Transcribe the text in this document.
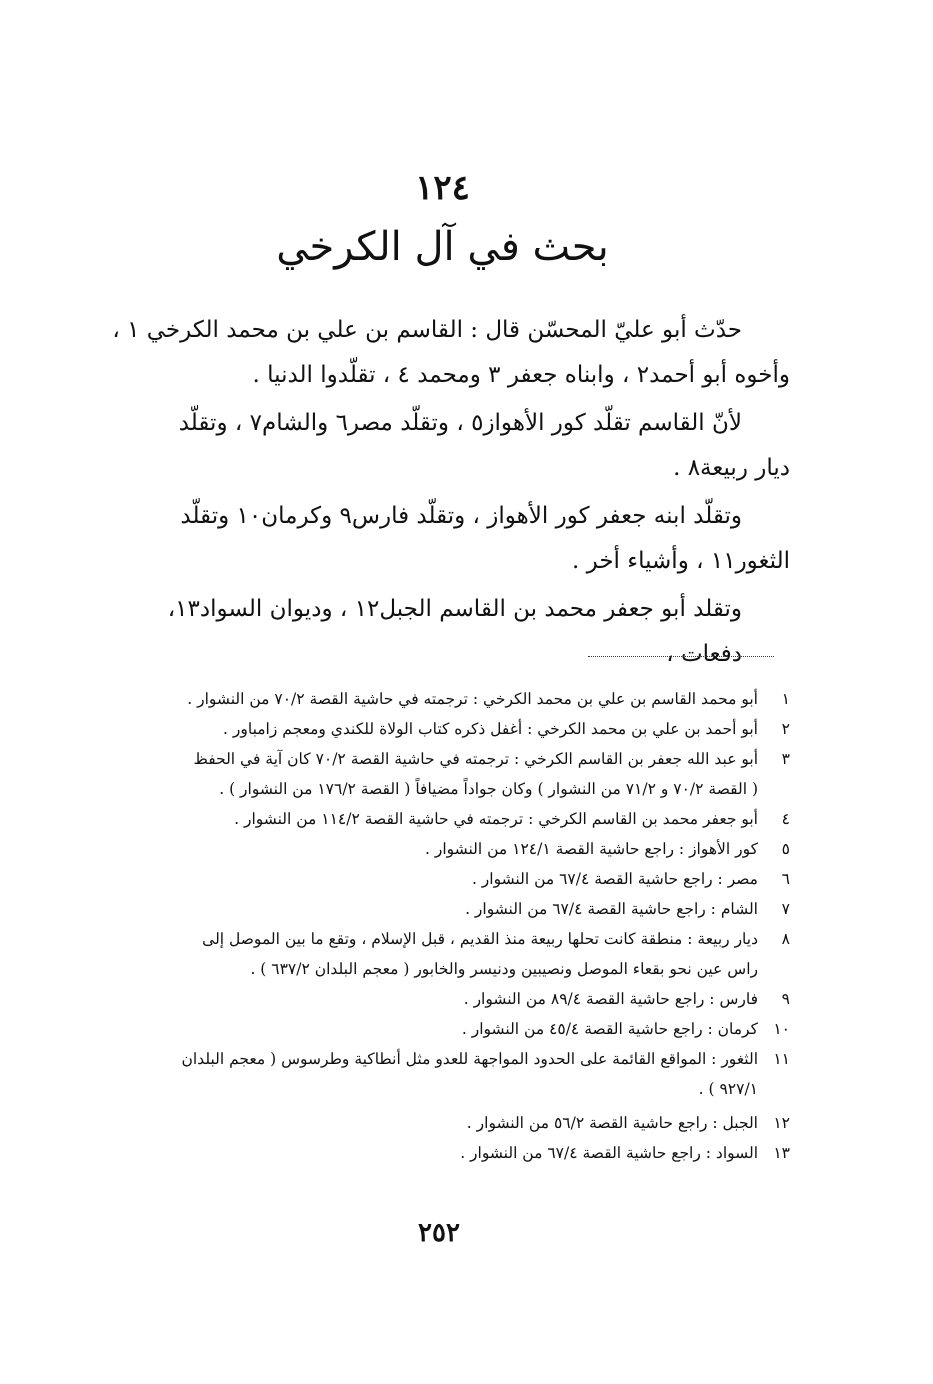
١٢٤
بحث في آل الكرخي

حدّث أبو عليّ المحسّن قال : القاسم بن علي بن محمد الكرخي ١ ،
وأخوه أبو أحمد٢ ، وابناه جعفر ٣ ومحمد ٤ ، تقلّدوا الدنيا .

لأنّ القاسم تقلّد كور الأهواز٥ ، وتقلّد مصر٦ والشام٧ ، وتقلّد
ديار ربيعة٨ .

وتقلّد ابنه جعفر كور الأهواز ، وتقلّد فارس٩ وكرمان١٠ وتقلّد
الثغور١١ ، وأشياء أخر .

وتقلد أبو جعفر محمد بن القاسم الجبل١٢ ، وديوان السواد١٣، دفعات ،

١
أبو محمد القاسم بن علي بن محمد الكرخي : ترجمته في حاشية القصة ٧٠/٢ من النشوار .
٢
أبو أحمد بن علي بن محمد الكرخي : أغفل ذكره كتاب الولاة للكندي ومعجم زامباور .
٣
أبو عبد الله جعفر بن القاسم الكرخي : ترجمته في حاشية القصة ٧٠/٢ كان آية في الحفظ
( القصة ٧٠/٢ و ٧١/٢ من النشوار ) وكان جواداً مضيافاً ( القصة ١٧٦/٢ من النشوار ) .
٤
أبو جعفر محمد بن القاسم الكرخي : ترجمته في حاشية القصة ١١٤/٢ من النشوار .
٥
كور الأهواز : راجع حاشية القصة ١٢٤/١ من النشوار .
٦
مصر : راجع حاشية القصة ٦٧/٤ من النشوار .
٧
الشام : راجع حاشية القصة ٦٧/٤ من النشوار .
٨
ديار ربيعة : منطقة كانت تحلها ربيعة منذ القديم ، قبل الإسلام ، وتقع ما بين الموصل إلى
راس عين نحو بقعاء الموصل ونصيبين ودنيسر والخابور ( معجم البلدان ٦٣٧/٢ ) .
٩
فارس : راجع حاشية القصة ٨٩/٤ من النشوار .
١٠
كرمان : راجع حاشية القصة ٤٥/٤ من النشوار .
١١
الثغور : المواقع القائمة على الحدود المواجهة للعدو مثل أنطاكية وطرسوس ( معجم البلدان
٩٢٧/١ ) .
١٢
الجبل : راجع حاشية القصة ٥٦/٢ من النشوار .
١٣
السواد : راجع حاشية القصة ٦٧/٤ من النشوار .
٢٥٢
